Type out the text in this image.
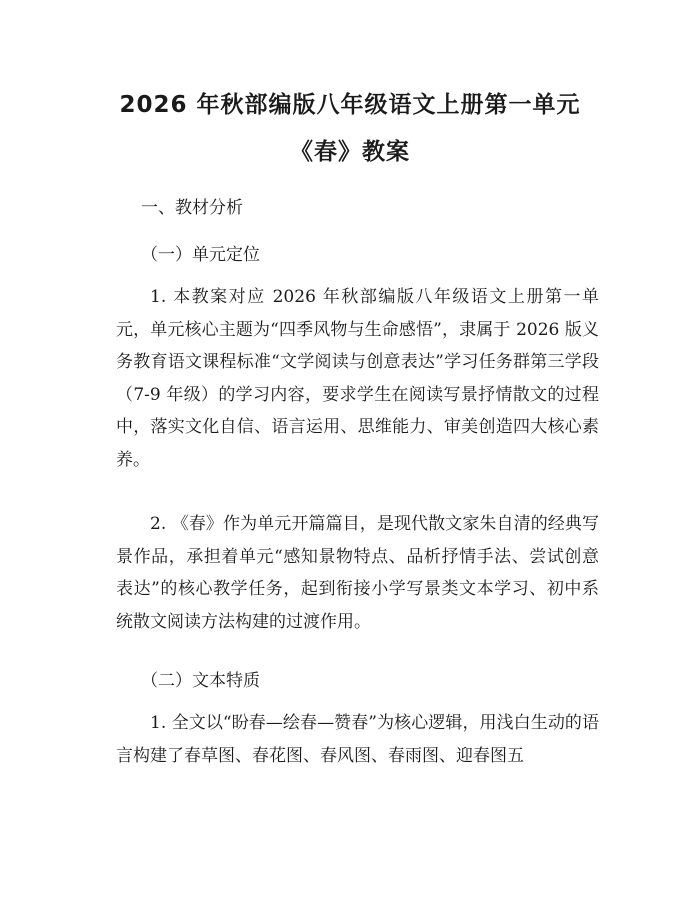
2026 年秋部编版八年级语文上册第一单元
《春》教案
一、教材分析
（一）单元定位
1. 本教案对应 2026 年秋部编版八年级语文上册第一单元，单元核心主题为“四季风物与生命感悟”，隶属于 2026 版义务教育语文课程标准“文学阅读与创意表达”学习任务群第三学段（7-9 年级）的学习内容，要求学生在阅读写景抒情散文的过程中，落实文化自信、语言运用、思维能力、审美创造四大核心素养。
2. 《春》作为单元开篇篇目，是现代散文家朱自清的经典写景作品，承担着单元“感知景物特点、品析抒情手法、尝试创意表达”的核心教学任务，起到衔接小学写景类文本学习、初中系统散文阅读方法构建的过渡作用。
（二）文本特质
1. 全文以“盼春—绘春—赞春”为核心逻辑，用浅白生动的语言构建了春草图、春花图、春风图、春雨图、迎春图五
